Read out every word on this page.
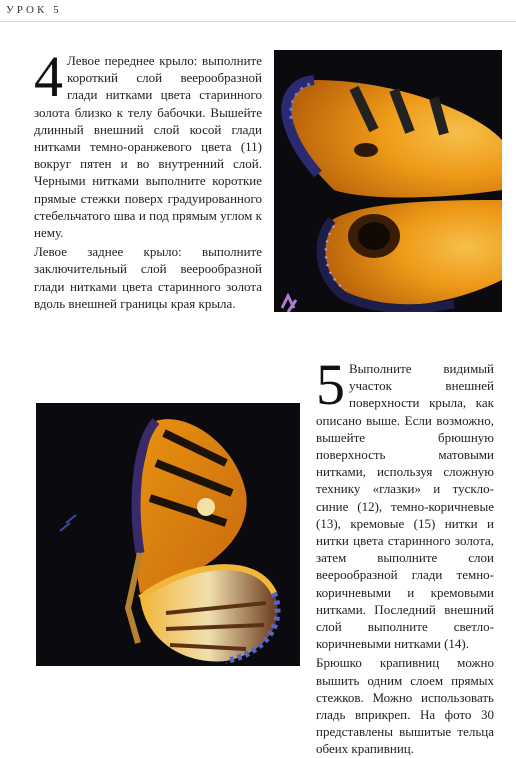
УРОК 5
4 Левое переднее крыло: выполните короткий слой веерообразной глади нитками цвета старинного золота близко к телу бабочки. Вышейте длинный внешний слой косой глади нитками темно-оранжевого цвета (11) вокруг пятен и во внутренний слой. Черными нитками выполните короткие прямые стежки поверх градуированного стебельчатого шва и под прямым углом к нему.

Левое заднее крыло: выполните заключительный слой веерообразной глади нитками цвета старинного золота вдоль внешней границы края крыла.

5 Выполните видимый участок внешней поверхности крыла, как описано выше. Если возможно, вышейте брюшную поверхность матовыми нитками, используя сложную технику «глазки» и тускло-синие (12), темно-коричневые (13), кремовые (15) нитки и нитки цвета старинного золота, затем выполните слои веерообразной глади темно-коричневыми и кремовыми нитками. Последний внешний слой выполните светло-коричневыми нитками (14).

Брюшко крапивниц можно вышить одним слоем прямых стежков. Можно использовать гладь вприкреп. На фото 30 представлены вышитые тельца обеих крапивниц.
